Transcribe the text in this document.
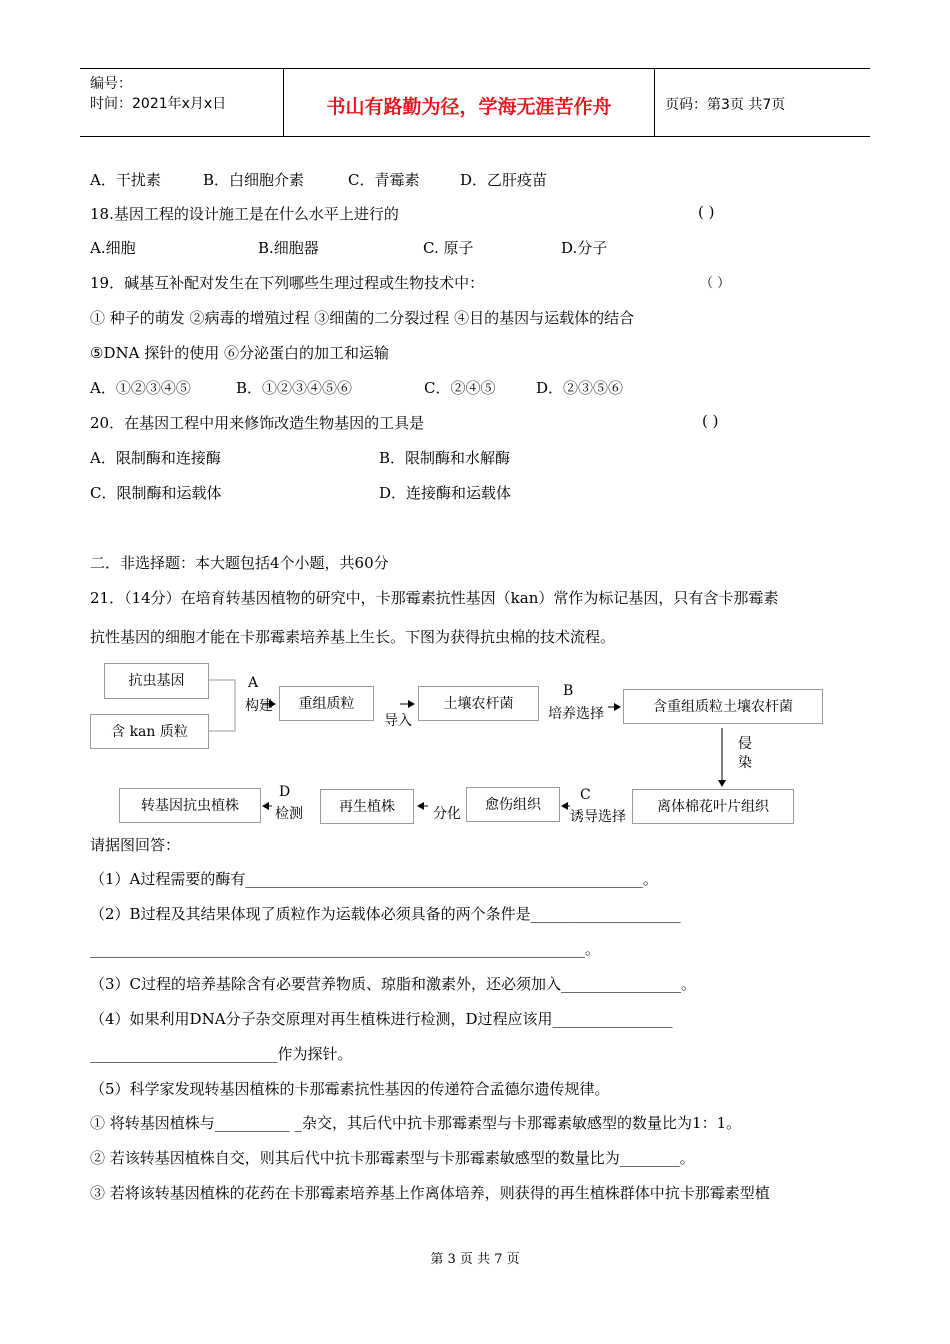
编号：
时间：2021年x月x日	书山有路勤为径，学海无涯苦作舟	页码：第3页 共7页
A．干扰素	B．白细胞介素	C．青霉素	D．乙肝疫苗
18.基因工程的设计施工是在什么水平上进行的	( )
A.细胞	B.细胞器	C. 原子	D.分子
19．碱基互补配对发生在下列哪些生理过程或生物技术中：	（ ）
① 种子的萌发 ②病毒的增殖过程 ③细菌的二分裂过程 ④目的基因与运载体的结合
⑤DNA 探针的使用 ⑥分泌蛋白的加工和运输
A．①②③④⑤	B．①②③④⑤⑥	C．②④⑤	D．②③⑤⑥
20．在基因工程中用来修饰改造生物基因的工具是	( )
A．限制酶和连接酶	B．限制酶和水解酶
C．限制酶和运载体	D．连接酶和运载体
二．非选择题：本大题包括4个小题，共60分
21．（14分）在培育转基因植物的研究中，卡那霉素抗性基因（kan）常作为标记基因，只有含卡那霉素
抗性基因的细胞才能在卡那霉素培养基上生长。下图为获得抗虫棉的技术流程。
抗虫基因
含 kan 质粒
A
构建	重组质粒
导入
土壤农杆菌
B
培养选择	含重组质粒土壤农杆菌
侵
染
离体棉花叶片组织
C
诱导选择
愈伤组织
分化
再生植株
D
检测
转基因抗虫植株
请据图回答：
（1）A过程需要的酶有_____________________________________________________。
（2）B过程及其结果体现了质粒作为运载体必须具备的两个条件是____________________
__________________________________________________________________。
（3）C过程的培养基除含有必要营养物质、琼脂和激素外，还必须加入________________。
（4）如果利用DNA分子杂交原理对再生植株进行检测，D过程应该用________________
_________________________作为探针。
（5）科学家发现转基因植株的卡那霉素抗性基因的传递符合孟德尔遗传规律。
① 将转基因植株与__________ _杂交，其后代中抗卡那霉素型与卡那霉素敏感型的数量比为1：1。
② 若该转基因植株自交，则其后代中抗卡那霉素型与卡那霉素敏感型的数量比为________。
③ 若将该转基因植株的花药在卡那霉素培养基上作离体培养，则获得的再生植株群体中抗卡那霉素型植
第 3 页 共 7 页
